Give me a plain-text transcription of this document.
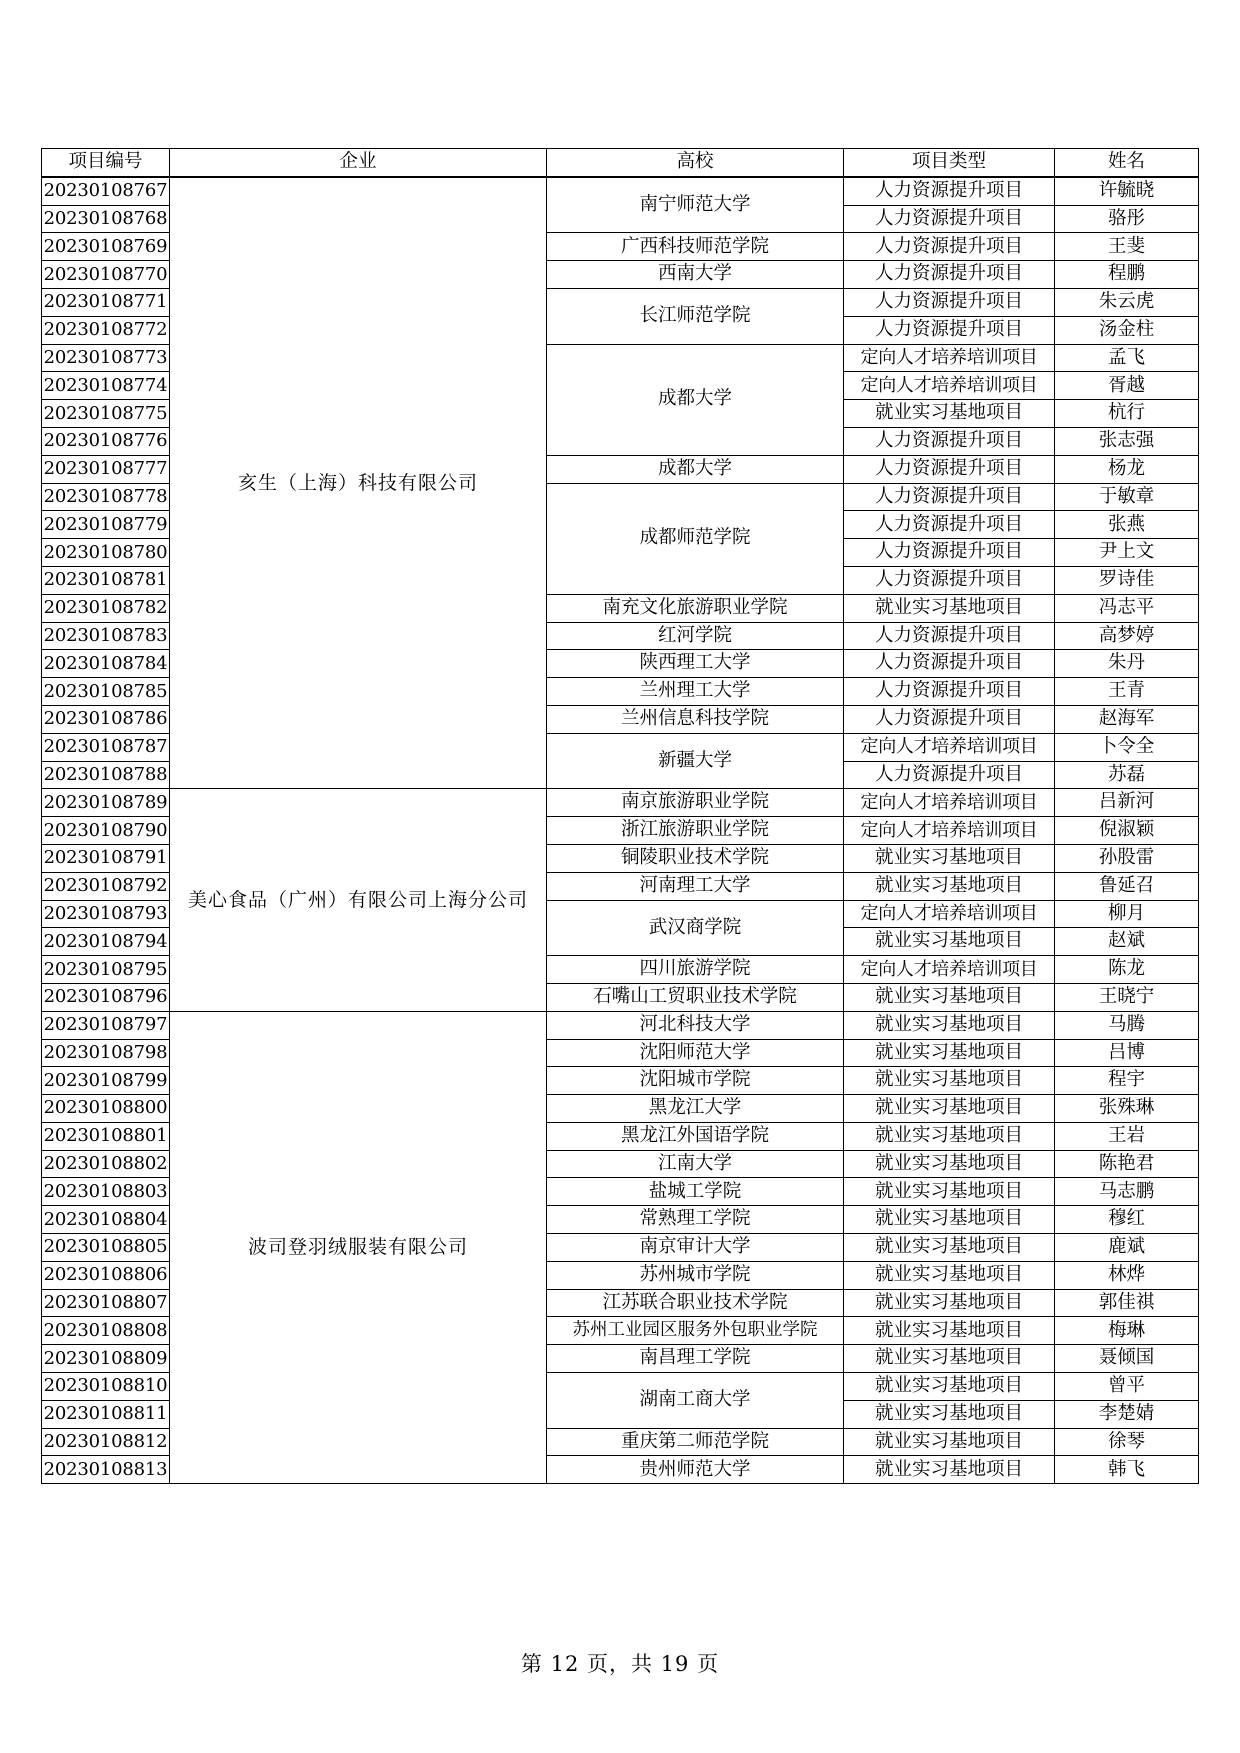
项目编号	企业	高校	项目类型	姓名
20230108767	亥生（上海）科技有限公司	南宁师范大学	人力资源提升项目	许毓晓
20230108768			人力资源提升项目	骆彤
20230108769		广西科技师范学院	人力资源提升项目	王斐
20230108770		西南大学	人力资源提升项目	程鹏
20230108771		长江师范学院	人力资源提升项目	朱云虎
20230108772			人力资源提升项目	汤金柱
20230108773		成都大学	定向人才培养培训项目	孟飞
20230108774			定向人才培养培训项目	胥越
20230108775			就业实习基地项目	杭行
20230108776			人力资源提升项目	张志强
20230108777		成都大学	人力资源提升项目	杨龙
20230108778		成都师范学院	人力资源提升项目	于敏章
20230108779			人力资源提升项目	张燕
20230108780			人力资源提升项目	尹上文
20230108781			人力资源提升项目	罗诗佳
20230108782		南充文化旅游职业学院	就业实习基地项目	冯志平
20230108783		红河学院	人力资源提升项目	高梦婷
20230108784		陕西理工大学	人力资源提升项目	朱丹
20230108785		兰州理工大学	人力资源提升项目	王青
20230108786		兰州信息科技学院	人力资源提升项目	赵海军
20230108787		新疆大学	定向人才培养培训项目	卜令全
20230108788			人力资源提升项目	苏磊
20230108789	美心食品（广州）有限公司上海分公司	南京旅游职业学院	定向人才培养培训项目	吕新河
20230108790		浙江旅游职业学院	定向人才培养培训项目	倪淑颖
20230108791		铜陵职业技术学院	就业实习基地项目	孙股雷
20230108792		河南理工大学	就业实习基地项目	鲁延召
20230108793		武汉商学院	定向人才培养培训项目	柳月
20230108794			就业实习基地项目	赵斌
20230108795		四川旅游学院	定向人才培养培训项目	陈龙
20230108796		石嘴山工贸职业技术学院	就业实习基地项目	王晓宁
20230108797	波司登羽绒服装有限公司	河北科技大学	就业实习基地项目	马腾
20230108798		沈阳师范大学	就业实习基地项目	吕博
20230108799		沈阳城市学院	就业实习基地项目	程宇
20230108800		黑龙江大学	就业实习基地项目	张殊琳
20230108801		黑龙江外国语学院	就业实习基地项目	王岩
20230108802		江南大学	就业实习基地项目	陈艳君
20230108803		盐城工学院	就业实习基地项目	马志鹏
20230108804		常熟理工学院	就业实习基地项目	穆红
20230108805		南京审计大学	就业实习基地项目	鹿斌
20230108806		苏州城市学院	就业实习基地项目	林烨
20230108807		江苏联合职业技术学院	就业实习基地项目	郭佳祺
20230108808		苏州工业园区服务外包职业学院	就业实习基地项目	梅琳
20230108809		南昌理工学院	就业实习基地项目	聂倾国
20230108810		湖南工商大学	就业实习基地项目	曾平
20230108811			就业实习基地项目	李楚婧
20230108812		重庆第二师范学院	就业实习基地项目	徐琴
20230108813		贵州师范大学	就业实习基地项目	韩飞
第 12 页，共 19 页
